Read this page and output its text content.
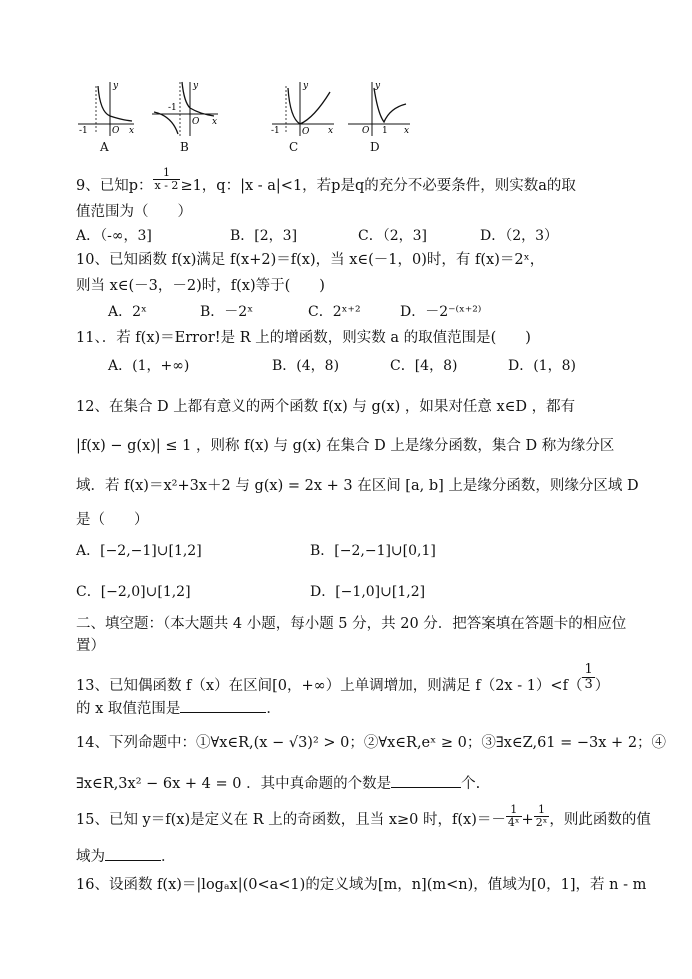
y
x
O
-1
A
y
x
O
-1
B
y
x
O
-1
C
y
x
O 1
D
9、已知p： $\frac{1}{x - 2} \ge 1$，q：|x - a|<1，若p是q的充分不必要条件，则实数a的取
值范围为（　　）
A．（-∞，3]	B．[2，3]	C．（2，3]	D．（2，3）
10、已知函数 f(x)满足 f(x+2)＝f(x)，当 x∈(－1，0)时，有 f(x)＝2ˣ，
则当 x∈(－3，－2)时，f(x)等于(　　)
A．2ˣ	B．－2ˣ	C．2ˣ⁺²	D．－2⁻⁽ˣ⁺²⁾
11、．若 f(x)＝Error!是 R 上的增函数，则实数 a 的取值范围是(　　)
A．(1，+∞)	B．(4，8)	C．[4，8)	D．(1，8)
12、在集合 D 上都有意义的两个函数 f(x) 与 g(x) ，如果对任意 x∈D ，都有
|f(x) − g(x)| ≤ 1 ，则称 f(x) 与 g(x) 在集合 D 上是缘分函数，集合 D 称为缘分区
域．若 f(x)＝x²+3x＋2 与 g(x) = 2x + 3 在区间 [a, b] 上是缘分函数，则缘分区域 D
是（　　）
A．[−2,−1]∪[1,2]	B．[−2,−1]∪[0,1]
C．[−2,0]∪[1,2]	D．[−1,0]∪[1,2]
二、填空题：（本大题共 4 小题，每小题 5 分，共 20 分．把答案填在答题卡的相应位
置）
13、已知偶函数 f（x）在区间[0，+∞）上单调增加，则满足 $f(2x - 1)<f( \frac{1}{3}$ ）
的 x 取值范围是	．
14、下列命题中：①∀x∈R,(x − √3)² > 0；②∀x∈R,eˣ ≥ 0；③∃x∈Z,61 = −3x + 2；④
∃x∈R,3x² − 6x + 4 = 0 ．其中真命题的个数是	个.
15、已知 y＝f(x)是定义在 R 上的奇函数，且当 x≥0 时，$f(x)=- \frac{1}{\text{4ˣ}} + \frac{1}{\text{2ˣ}}$ ，则此函数的值
域为	．
16、设函数 f(x)＝|logₐx|(0<a<1)的定义域为[m，n](m<n)，值域为[0，1]，若 n - m
